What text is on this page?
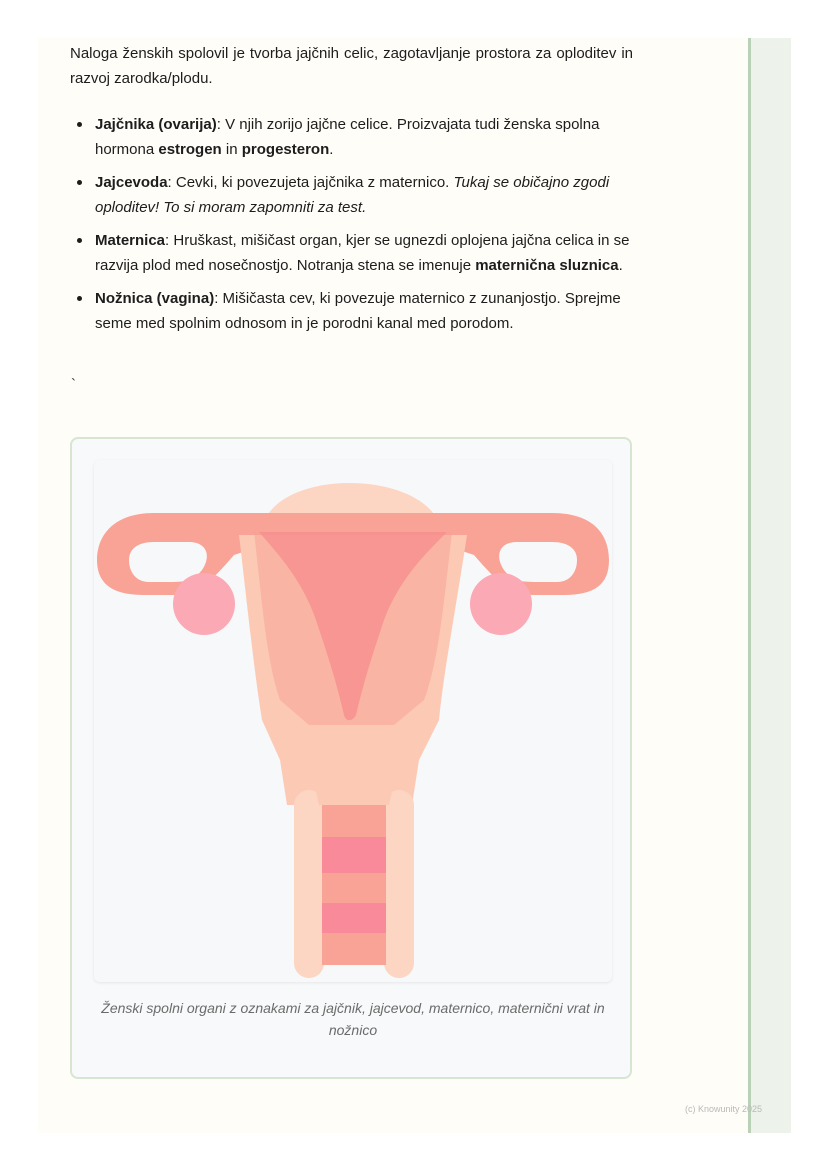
Naloga ženskih spolovil je tvorba jajčnih celic, zagotavljanje prostora za oploditev in razvoj zarodka/plodu.

Jajčnika (ovarija): V njih zorijo jajčne celice. Proizvajata tudi ženska spolna hormona estrogen in progesteron.
Jajcevoda: Cevki, ki povezujeta jajčnika z maternico. Tukaj se običajno zgodi oploditev! To si moram zapomniti za test.
Maternica: Hruškast, mišičast organ, kjer se ugnezdi oplojena jajčna celica in se razvija plod med nosečnostjo. Notranja stena se imenuje maternična sluznica.
Nožnica (vagina): Mišičasta cev, ki povezuje maternico z zunanjostjo. Sprejme seme med spolnim odnosom in je porodni kanal med porodom.
`
Ženski spolni organi z oznakami za jajčnik, jajcevod, maternico, maternični vrat in nožnico
(c) Knowunity 2025
